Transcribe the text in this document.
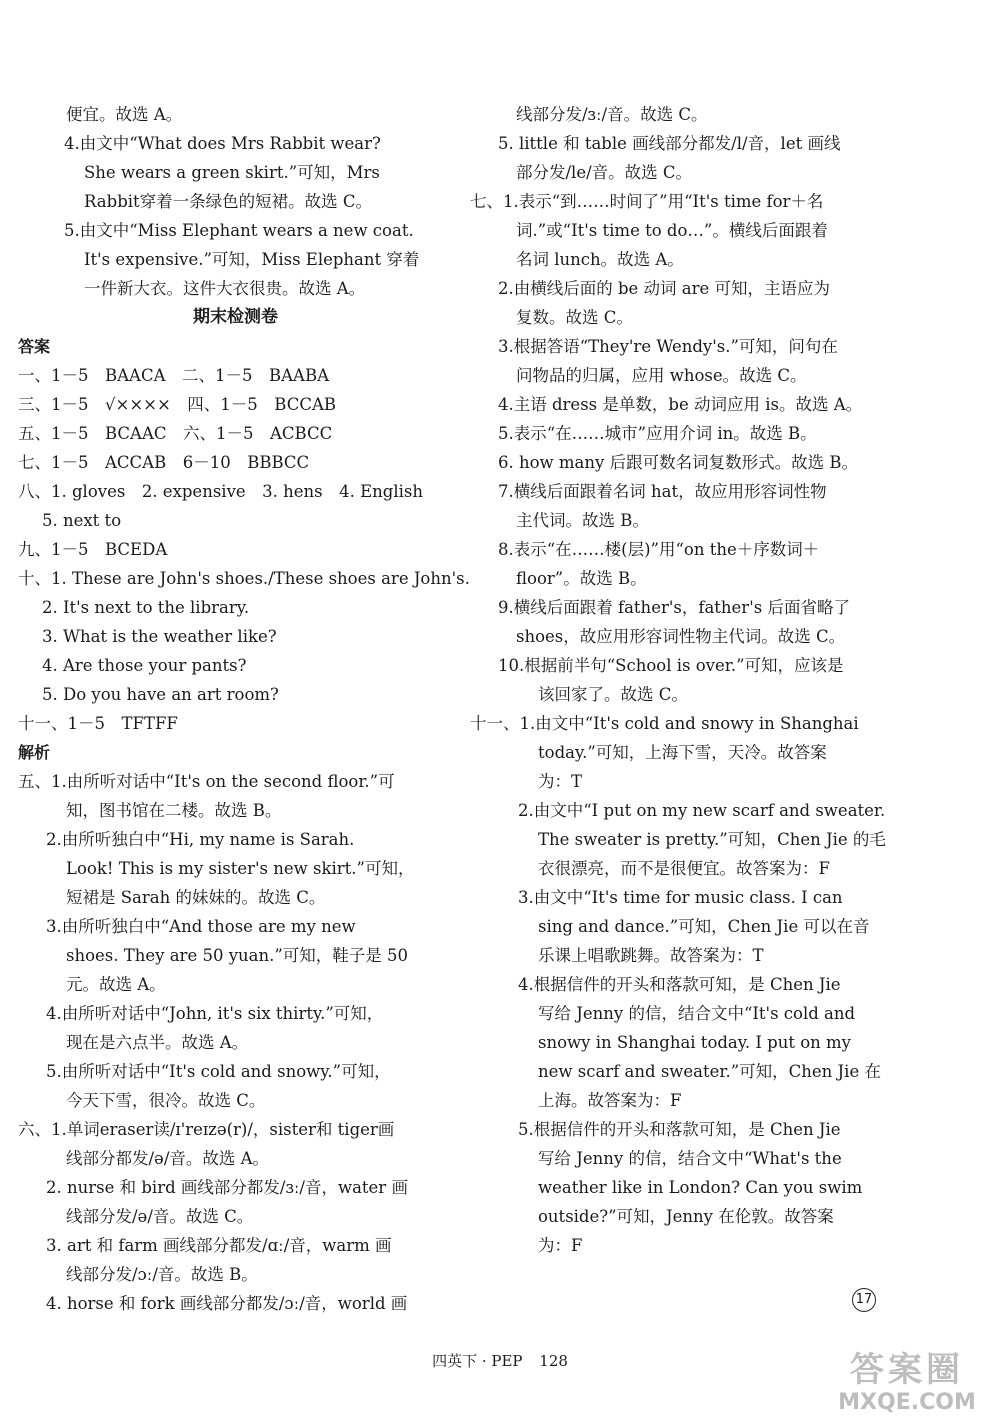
便宜。故选 A。
4.由文中“What does Mrs Rabbit wear?
She wears a green skirt.”可知，Mrs
Rabbit穿着一条绿色的短裙。故选 C。
5.由文中“Miss Elephant wears a new coat.
It's expensive.”可知，Miss Elephant 穿着
一件新大衣。这件大衣很贵。故选 A。
期末检测卷
答案
一、1－5　BAACA　二、1－5　BAABA
三、1－5　√××××　四、1－5　BCCAB
五、1－5　BCAAC　六、1－5　ACBCC
七、1－5　ACCAB　6－10　BBBCC
八、1. gloves　2. expensive　3. hens　4. English
5. next to
九、1－5　BCEDA
十、1. These are John's shoes./These shoes are John's.
2. It's next to the library.
3. What is the weather like?
4. Are those your pants?
5. Do you have an art room?
十一、1－5　TFTFF
解析
五、1.由所听对话中“It's on the second floor.”可
知，图书馆在二楼。故选 B。
2.由所听独白中“Hi, my name is Sarah.
Look! This is my sister's new skirt.”可知，
短裙是 Sarah 的妹妹的。故选 C。
3.由所听独白中“And those are my new
shoes. They are 50 yuan.”可知，鞋子是 50
元。故选 A。
4.由所听对话中“John, it's six thirty.”可知，
现在是六点半。故选 A。
5.由所听对话中“It's cold and snowy.”可知，
今天下雪，很冷。故选 C。
六、1.单词eraser读/ɪ'reɪzə(r)/，sister和 tiger画
线部分都发/ə/音。故选 A。
2. nurse 和 bird 画线部分都发/ɜː/音，water 画
线部分发/ə/音。故选 C。
3. art 和 farm 画线部分都发/ɑː/音，warm 画
线部分发/ɔː/音。故选 B。
4. horse 和 fork 画线部分都发/ɔː/音，world 画
线部分发/ɜː/音。故选 C。
5. little 和 table 画线部分都发/l/音，let 画线
部分发/le/音。故选 C。
七、1.表示“到……时间了”用“It's time for＋名
词.”或“It's time to do…”。横线后面跟着
名词 lunch。故选 A。
2.由横线后面的 be 动词 are 可知，主语应为
复数。故选 C。
3.根据答语“They're Wendy's.”可知，问句在
问物品的归属，应用 whose。故选 C。
4.主语 dress 是单数，be 动词应用 is。故选 A。
5.表示“在……城市”应用介词 in。故选 B。
6. how many 后跟可数名词复数形式。故选 B。
7.横线后面跟着名词 hat，故应用形容词性物
主代词。故选 B。
8.表示“在……楼(层)”用“on the＋序数词＋
floor”。故选 B。
9.横线后面跟着 father's，father's 后面省略了
shoes，故应用形容词性物主代词。故选 C。
10.根据前半句“School is over.”可知，应该是
该回家了。故选 C。
十一、1.由文中“It's cold and snowy in Shanghai
today.”可知，上海下雪，天冷。故答案
为：T
2.由文中“I put on my new scarf and sweater.
The sweater is pretty.”可知，Chen Jie 的毛
衣很漂亮，而不是很便宜。故答案为：F
3.由文中“It's time for music class. I can
sing and dance.”可知，Chen Jie 可以在音
乐课上唱歌跳舞。故答案为：T
4.根据信件的开头和落款可知，是 Chen Jie
写给 Jenny 的信，结合文中“It's cold and
snowy in Shanghai today. I put on my
new scarf and sweater.”可知，Chen Jie 在
上海。故答案为：F
5.根据信件的开头和落款可知，是 Chen Jie
写给 Jenny 的信，结合文中“What's the
weather like in London? Can you swim
outside?”可知，Jenny 在伦敦。故答案
为：F
17
四英下 · PEP 128	答案圈
MXQE.COM
